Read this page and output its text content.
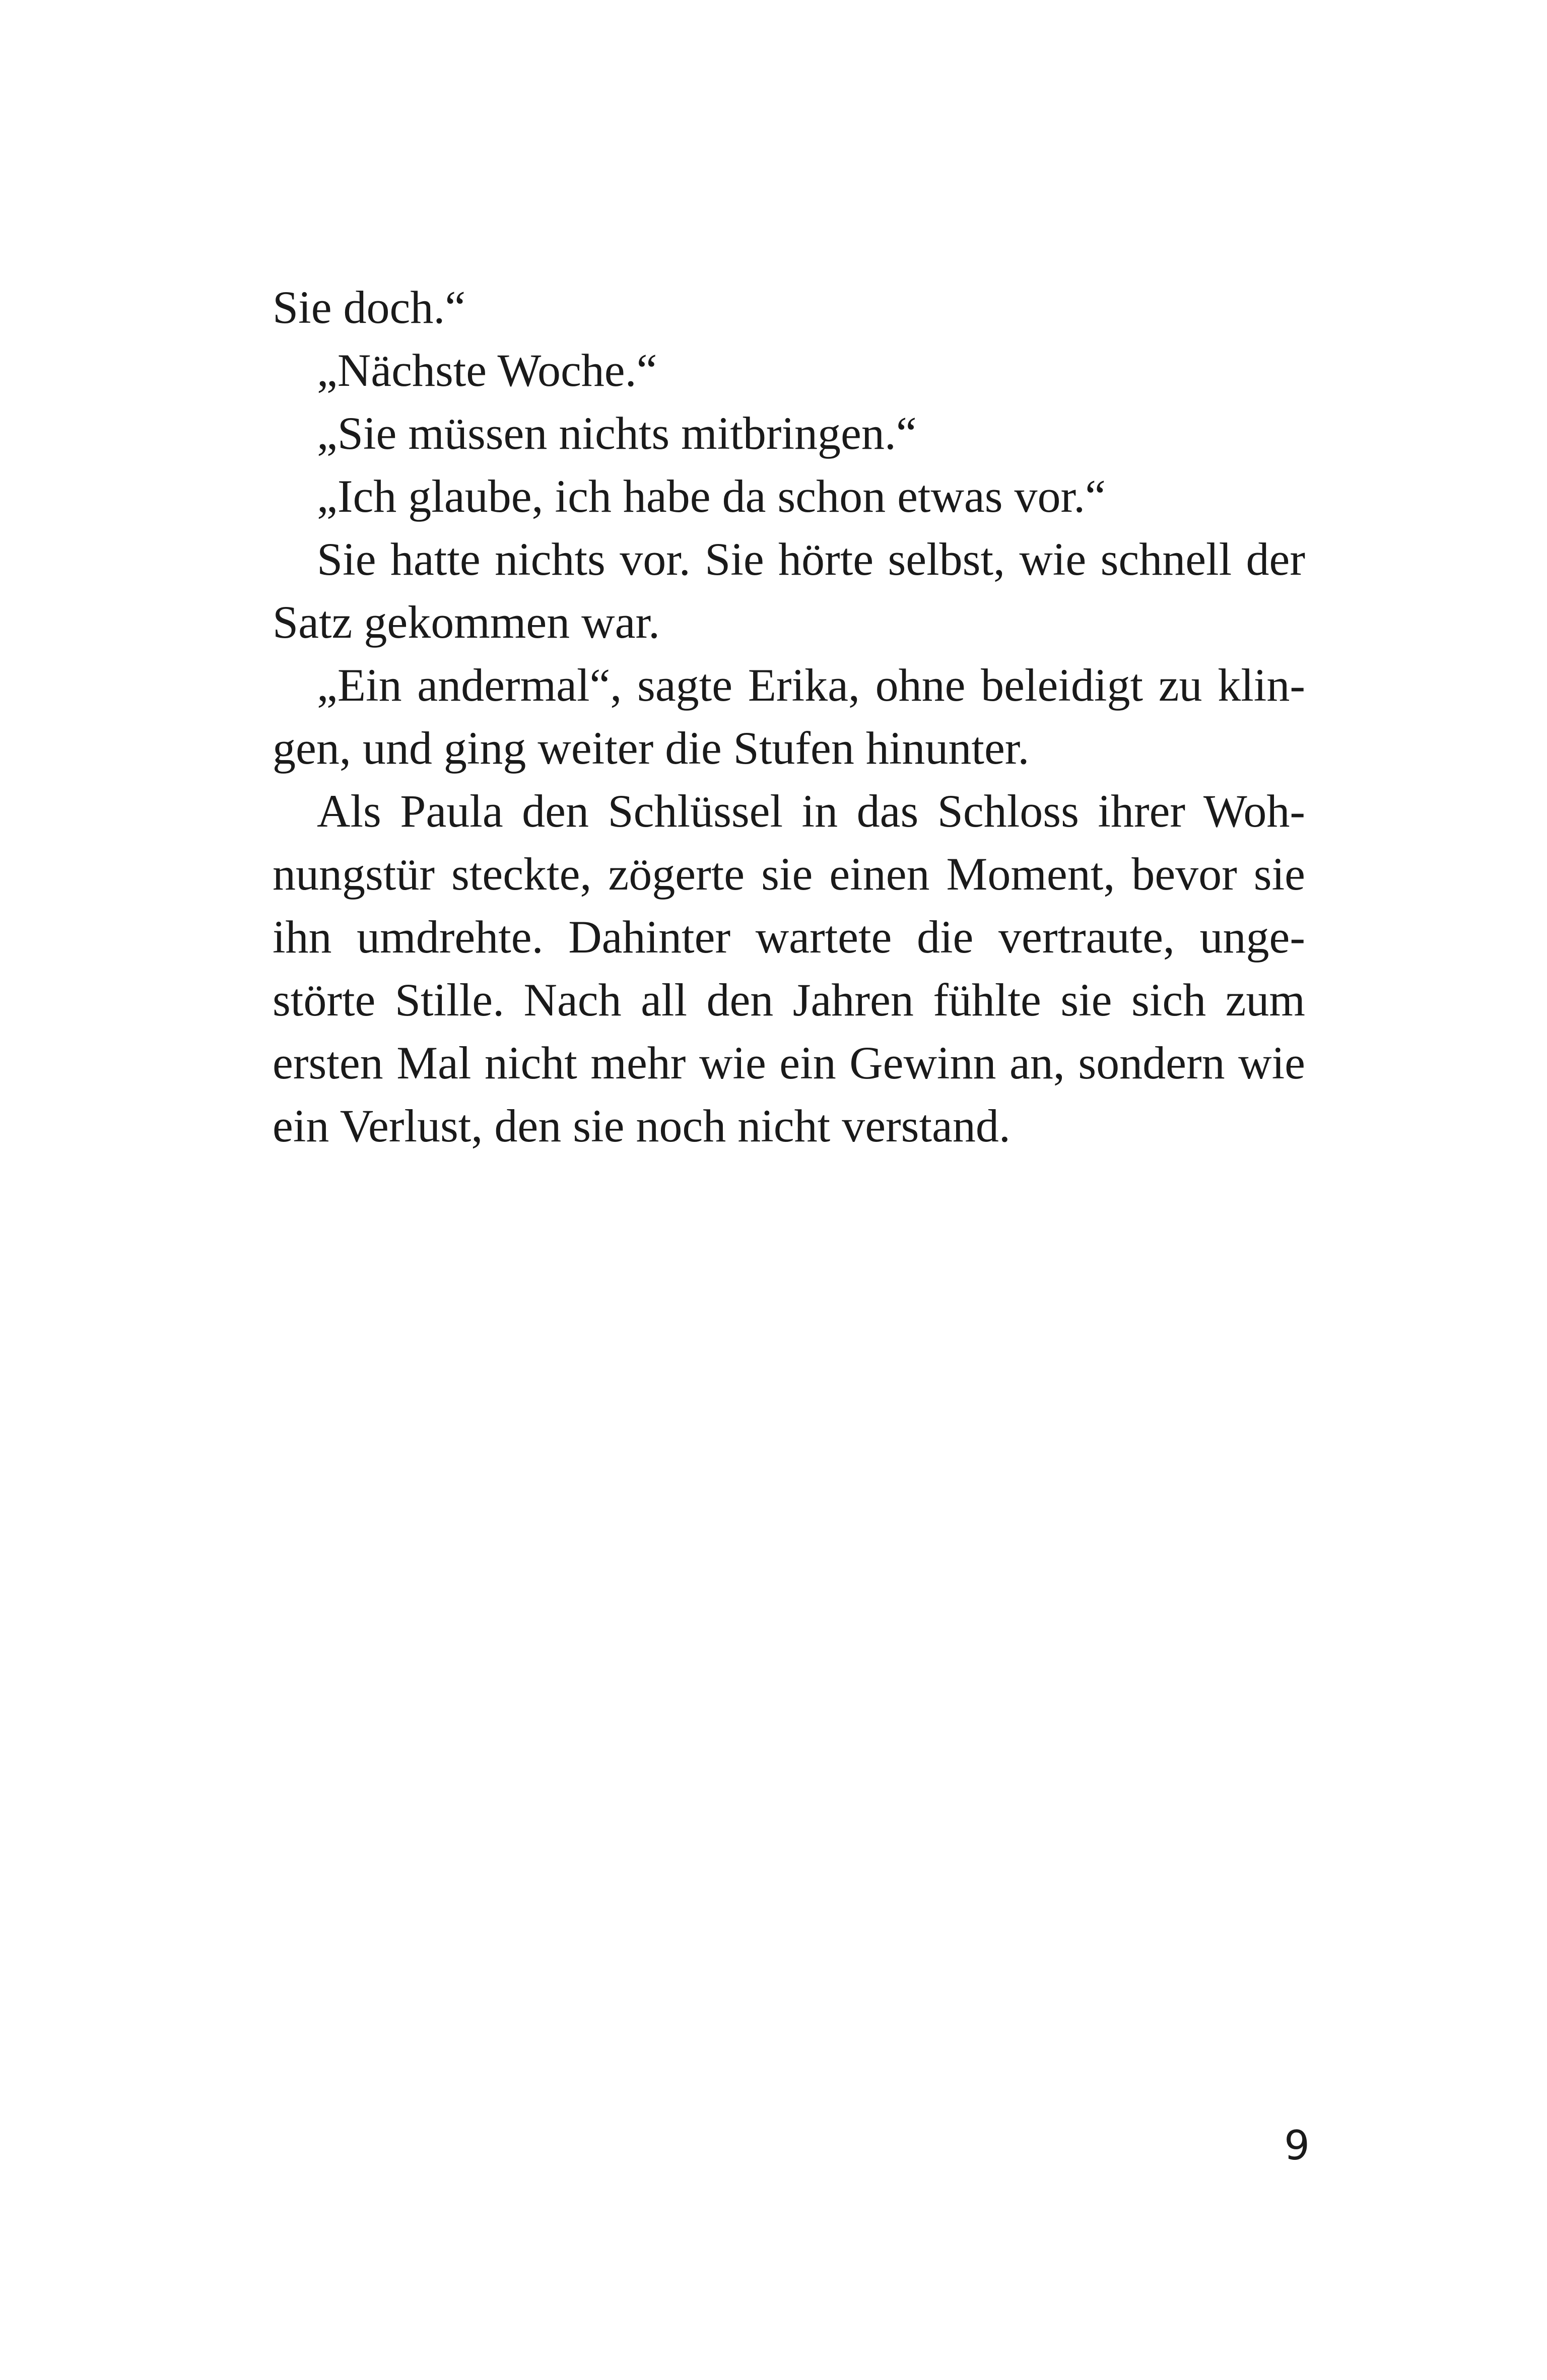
Sie doch.“

„Nächste Woche.“

„Sie müssen nichts mitbringen.“

„Ich glaube, ich habe da schon etwas vor.“

Sie hatte nichts vor. Sie hörte selbst, wie schnell der Satz gekommen war.

„Ein andermal“, sagte Erika, ohne beleidigt zu klingen, und ging weiter die Stufen hinunter.

Als Paula den Schlüssel in das Schloss ihrer Wohnungstür steckte, zögerte sie einen Moment, bevor sie ihn umdrehte. Dahinter wartete die vertraute, ungestörte Stille. Nach all den Jahren fühlte sie sich zum ersten Mal nicht mehr wie ein Gewinn an, sondern wie ein Verlust, den sie noch nicht verstand.

9
